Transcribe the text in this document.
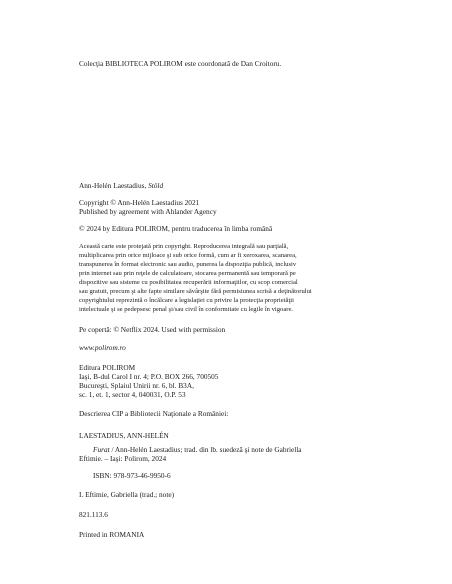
Colecţia BIBLIOTECA POLIROM este coordonată de Dan Croitoru.
Ann-Helén Laestadius, Stöld
Copyright © Ann-Helén Laestadius 2021
Published by agreement with Ahlander Agency
© 2024 by Editura POLIROM, pentru traducerea în limba română
Această carte este protejată prin copyright. Reproducerea integrală sau parţială,
multiplicarea prin orice mijloace şi sub orice formă, cum ar fi xeroxarea, scanarea,
transpunerea în format electronic sau audio, punerea la dispoziţia publică, inclusiv
prin internet sau prin reţele de calculatoare, stocarea permanentă sau temporară pe
dispozitive sau sisteme cu posibilitatea recuperării informaţiilor, cu scop comercial
sau gratuit, precum şi alte fapte similare săvârşite fără permisiunea scrisă a deţinătorului
copyrightului reprezintă o încălcare a legislaţiei cu privire la protecţia proprietăţii
intelectuale şi se pedepsesc penal şi/sau civil în conformitate cu legile în vigoare.
Pe copertă: © Netflix 2024. Used with permission
www.polirom.ro
Editura POLIROM
Iaşi, B-dul Carol I nr. 4; P.O. BOX 266, 700505
Bucureşti, Splaiul Unirii nr. 6, bl. B3A,
sc. 1, et. 1, sector 4, 040031, O.P. 53
Descrierea CIP a Bibliotecii Naţionale a României:
LAESTADIUS, ANN-HELÉN
Furat / Ann-Helén Laestadius; trad. din lb. suedeză şi note de Gabriella
Eftimie. – Iaşi: Polirom, 2024
ISBN: 978-973-46-9950-6
I. Eftimie, Gabriella (trad.; note)
821.113.6
Printed in ROMANIA
